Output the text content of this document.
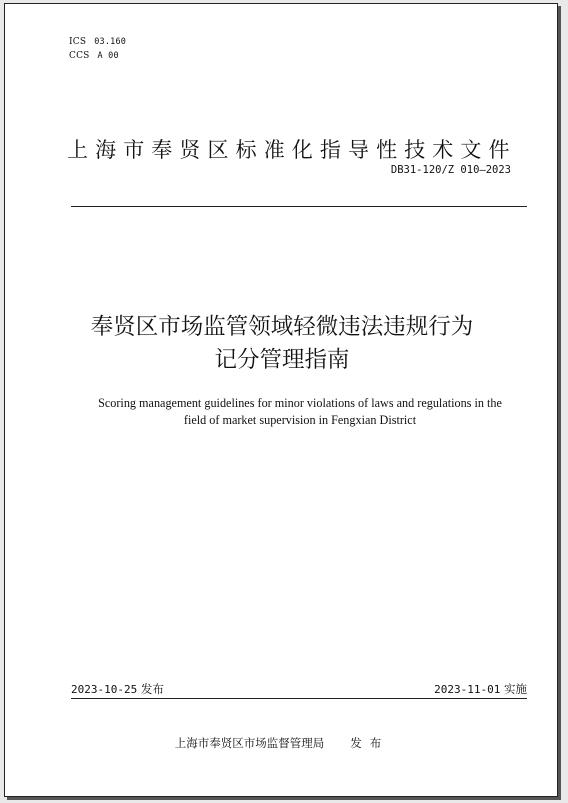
ICS 03.160
CCS A 00
上海市奉贤区标准化指导性技术文件
DB31-120/Z 010—2023
奉贤区市场监管领域轻微违法违规行为
记分管理指南
Scoring management guidelines for minor violations of laws and regulations in the
field of market supervision in Fengxian District
2023-10-25 发布	2023-11-01 实施
上海市奉贤区市场监督管理局 发布
